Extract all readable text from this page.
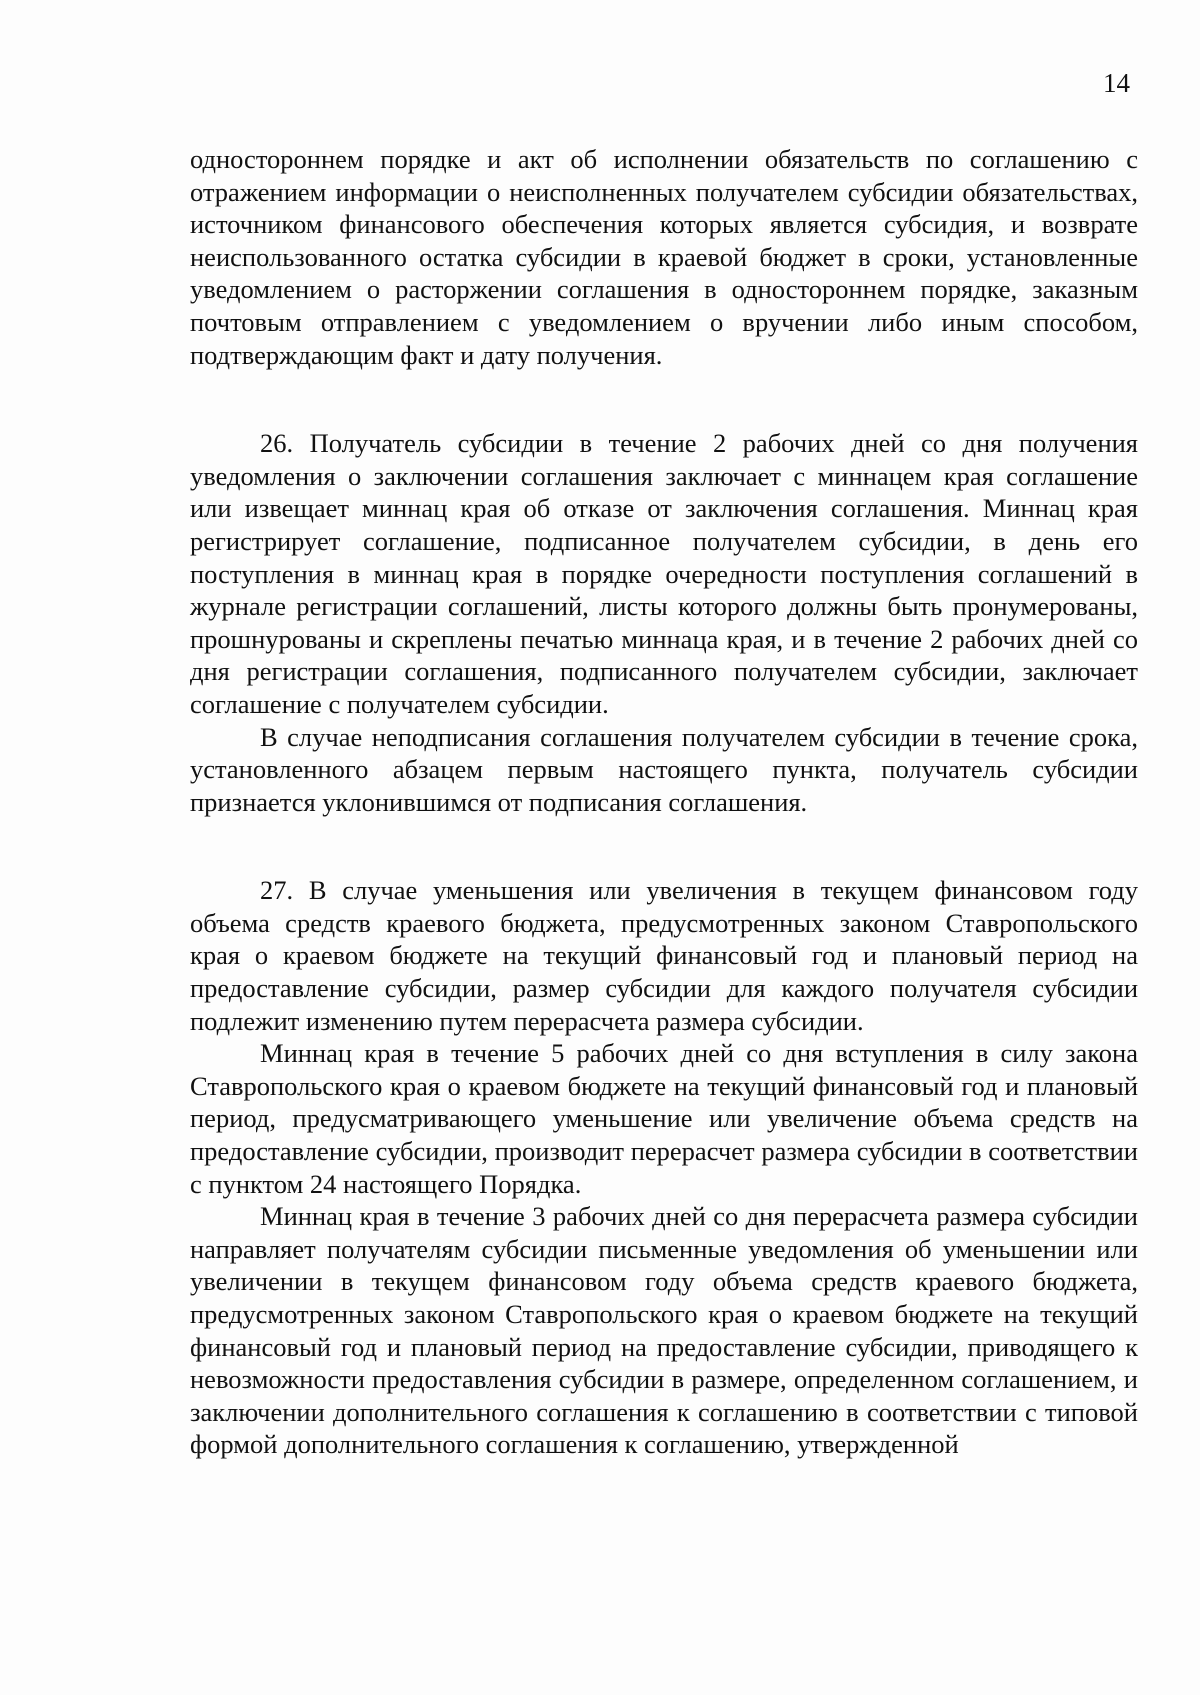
14

одностороннем порядке и акт об исполнении обязательств по соглашению с отражением информации о неисполненных получателем субсидии обязательствах, источником финансового обеспечения которых является субсидия, и возврате неиспользованного остатка субсидии в краевой бюджет в сроки, установленные уведомлением о расторжении соглашения в одностороннем порядке, заказным почтовым отправлением с уведомлением о вручении либо иным способом, подтверждающим факт и дату получения.

26. Получатель субсидии в течение 2 рабочих дней со дня получения уведомления о заключении соглашения заключает с миннацем края соглашение или извещает миннац края об отказе от заключения соглашения. Миннац края регистрирует соглашение, подписанное получателем субсидии, в день его поступления в миннац края в порядке очередности поступления соглашений в журнале регистрации соглашений, листы которого должны быть пронумерованы, прошнурованы и скреплены печатью миннаца края, и в течение 2 рабочих дней со дня регистрации соглашения, подписанного получателем субсидии, заключает соглашение с получателем субсидии.

В случае неподписания соглашения получателем субсидии в течение срока, установленного абзацем первым настоящего пункта, получатель субсидии признается уклонившимся от подписания соглашения.

27. В случае уменьшения или увеличения в текущем финансовом году объема средств краевого бюджета, предусмотренных законом Ставропольского края о краевом бюджете на текущий финансовый год и плановый период на предоставление субсидии, размер субсидии для каждого получателя субсидии подлежит изменению путем перерасчета размера субсидии.

Миннац края в течение 5 рабочих дней со дня вступления в силу закона Ставропольского края о краевом бюджете на текущий финансовый год и плановый период, предусматривающего уменьшение или увеличение объема средств на предоставление субсидии, производит перерасчет размера субсидии в соответствии с пунктом 24 настоящего Порядка.

Миннац края в течение 3 рабочих дней со дня перерасчета размера субсидии направляет получателям субсидии письменные уведомления об уменьшении или увеличении в текущем финансовом году объема средств краевого бюджета, предусмотренных законом Ставропольского края о краевом бюджете на текущий финансовый год и плановый период на предоставление субсидии, приводящего к невозможности предоставления субсидии в размере, определенном соглашением, и заключении дополнительного соглашения к соглашению в соответствии с типовой формой дополнительного соглашения к соглашению, утвержденной
